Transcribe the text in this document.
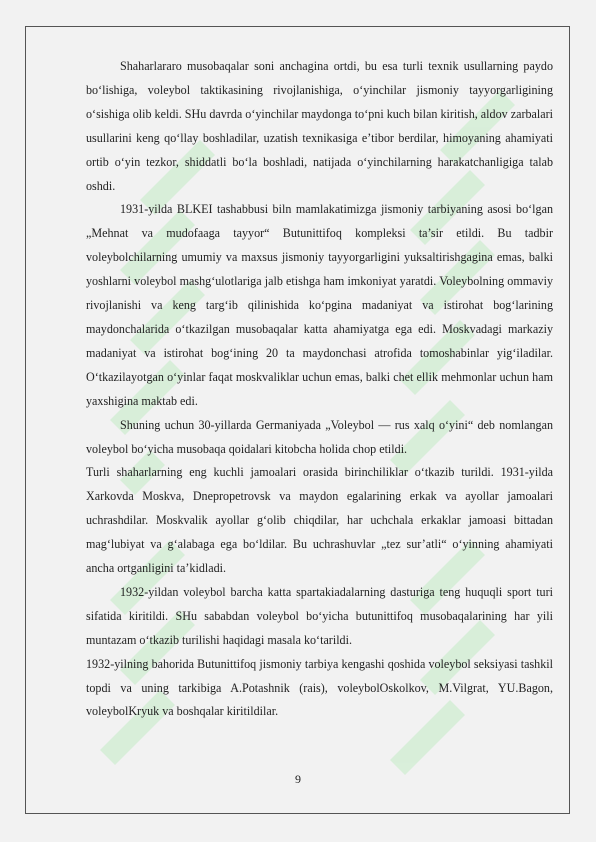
Shaharlararo musobaqalar soni anchagina ortdi, bu esa turli texnik usullarning paydo bo‘lishiga, voleybol taktikasining rivojlanishiga, o‘yinchilar jismoniy tayyorgarligining o‘sishiga olib keldi. SHu davrda o‘yinchilar maydonga to‘pni kuch bilan kiritish, aldov zarbalari usullarini keng qo‘llay boshladilar, uzatish texnikasiga e’tibor berdilar, himoyaning ahamiyati ortib o‘yin tezkor, shiddatli bo‘la boshladi, natijada o‘yinchilarning harakatchanligiga talab oshdi.

1931-yilda BLKEI tashabbusi biln mamlakatimizga jismoniy tarbiyaning asosi bo‘lgan „Mehnat va mudofaaga tayyor“ Butunittifoq kompleksi ta’sir etildi. Bu tadbir voleybolchilarning umumiy va maxsus jismoniy tayyorgarligini yuksaltirishgagina emas, balki yoshlarni voleybol mashg‘ulotlariga jalb etishga ham imkoniyat yaratdi. Voleybolning ommaviy rivojlanishi va keng targ‘ib qilinishida ko‘pgina madaniyat va istirohat bog‘larining maydonchalarida o‘tkazilgan musobaqalar katta ahamiyatga ega edi. Moskvadagi markaziy madaniyat va istirohat bog‘ining 20 ta maydonchasi atrofida tomoshabinlar yig‘iladilar. O‘tkazilayotgan o‘yinlar faqat moskvaliklar uchun emas, balki chet ellik mehmonlar uchun ham yaxshigina maktab edi.

Shuning uchun 30-yillarda Germaniyada „Voleybol — rus xalq o‘yini“ deb nomlangan voleybol bo‘yicha musobaqa qoidalari kitobcha holida chop etildi.

Turli shaharlarning eng kuchli jamoalari orasida birinchiliklar o‘tkazib turildi. 1931-yilda Xarkovda Moskva, Dnepropetrovsk va maydon egalarining erkak va ayollar jamoalari uchrashdilar. Moskvalik ayollar g‘olib chiqdilar, har uchchala erkaklar jamoasi bittadan mag‘lubiyat va g‘alabaga ega bo‘ldilar. Bu uchrashuvlar „tez sur’atli“ o‘yinning ahamiyati ancha ortganligini ta’kidladi.

1932-yildan voleybol barcha katta spartakiadalarning dasturiga teng huquqli sport turi sifatida kiritildi. SHu sababdan voleybol bo‘yicha butunittifoq musobaqalarining har yili muntazam o‘tkazib turilishi haqidagi masala ko‘tarildi.

1932-yilning bahorida Butunittifoq jismoniy tarbiya kengashi qoshida voleybol seksiyasi tashkil topdi va uning tarkibiga A.Potashnik (rais), voleybolOskolkov, M.Vilgrat, YU.Bagon, voleybolKryuk va boshqalar kiritildilar.

9
